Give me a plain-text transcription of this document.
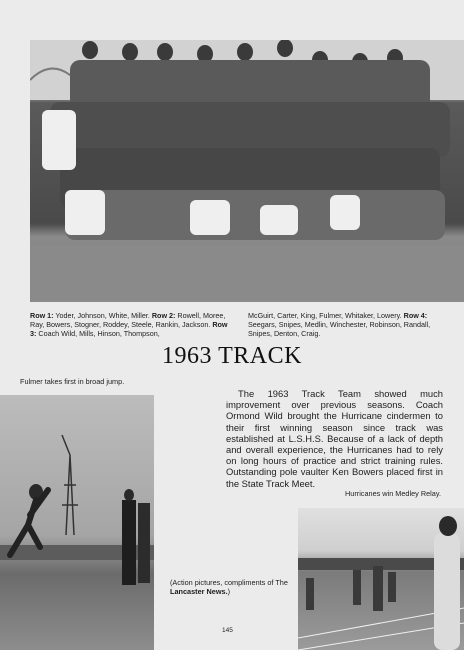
Row 1: Yoder, Johnson, White, Miller. Row 2: Rowell, Moree, Ray, Bowers, Stogner, Roddey, Steele, Rankin, Jackson. Row 3: Coach Wild, Mills, Hinson, Thompson,
McGuirt, Carter, King, Fulmer, Whitaker, Lowery. Row 4: Seegars, Snipes, Medlin, Winchester, Robinson, Randall, Snipes, Denton, Craig.
1963 TRACK
Fulmer takes first in broad jump.
The 1963 Track Team showed much improvement over previous seasons. Coach Ormond Wild brought the Hurricane cindermen to their first winning season since track was established at L.S.H.S. Because of a lack of depth and overall experience, the Hurricanes had to rely on long hours of practice and strict training rules. Outstanding pole vaulter Ken Bowers placed first in the State Track Meet.
Hurricanes win Medley Relay.
(Action pictures, compliments of The Lancaster News.)
145
